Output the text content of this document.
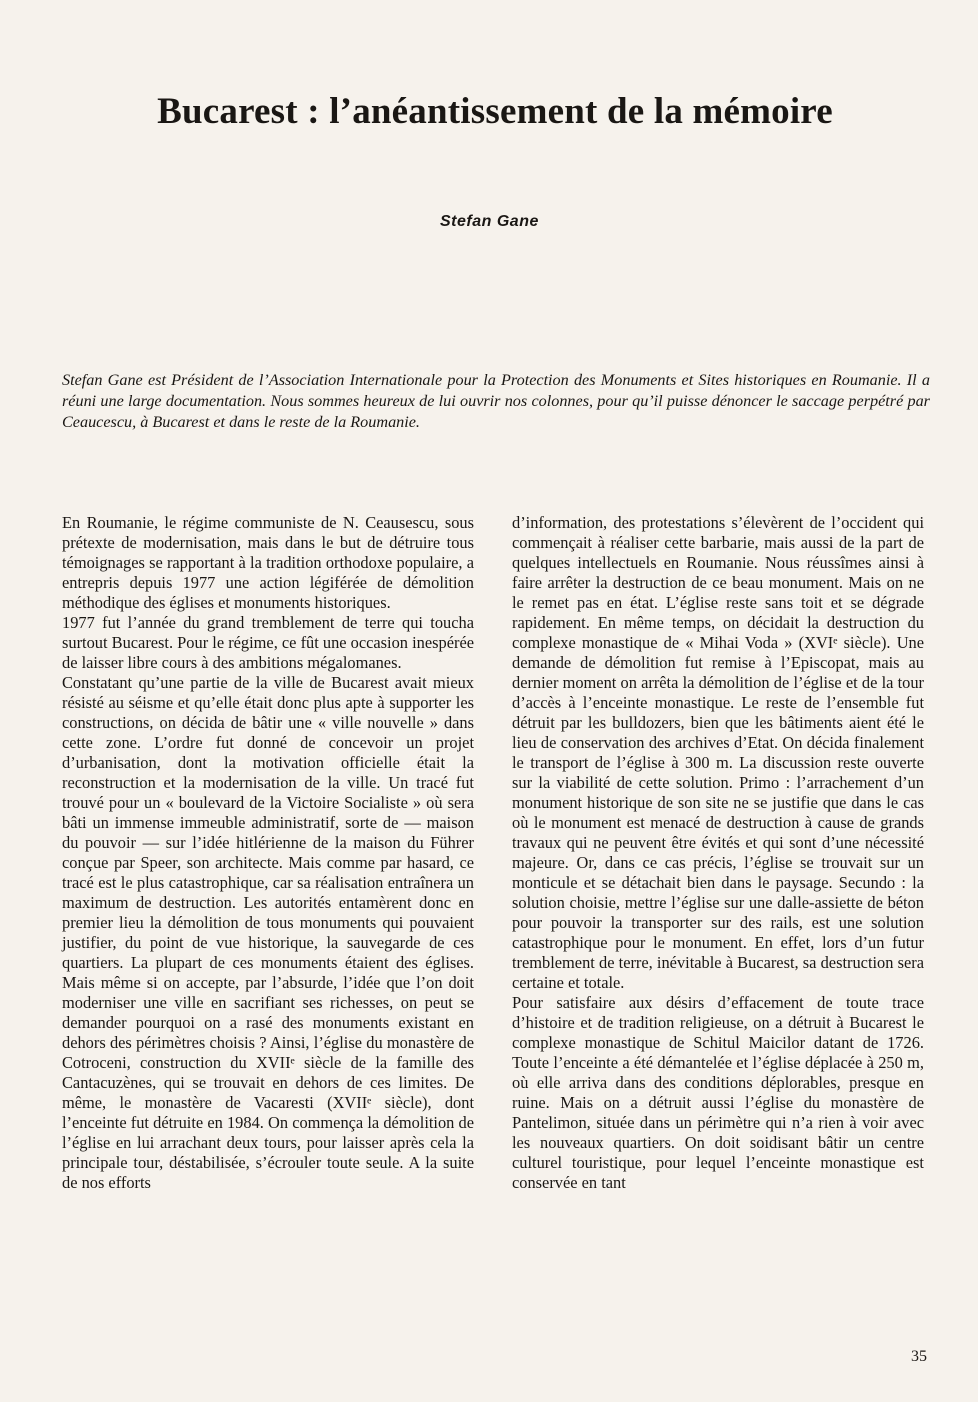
Bucarest : l’anéantissement de la mémoire
Stefan Gane

Stefan Gane est Président de l’Association Internationale pour la Protection des Monuments et Sites historiques en Roumanie. Il a réuni une large documentation. Nous sommes heureux de lui ouvrir nos colonnes, pour qu’il puisse dénoncer le saccage perpétré par Ceaucescu, à Bucarest et dans le reste de la Roumanie.

En Roumanie, le régime communiste de N. Ceausescu, sous prétexte de modernisation, mais dans le but de détruire tous témoignages se rapportant à la tradition orthodoxe populaire, a entrepris depuis 1977 une action légiférée de démolition méthodique des églises et monuments historiques.

1977 fut l’année du grand tremblement de terre qui toucha surtout Bucarest. Pour le régime, ce fût une occasion inespérée de laisser libre cours à des ambitions mégalomanes.

Constatant qu’une partie de la ville de Bucarest avait mieux résisté au séisme et qu’elle était donc plus apte à supporter les constructions, on décida de bâtir une « ville nouvelle » dans cette zone. L’ordre fut donné de concevoir un projet d’urbanisation, dont la motivation officielle était la reconstruction et la modernisation de la ville. Un tracé fut trouvé pour un « boulevard de la Victoire Socialiste » où sera bâti un immense immeuble administratif, sorte de — maison du pouvoir — sur l’idée hitlérienne de la maison du Führer conçue par Speer, son architecte. Mais comme par hasard, ce tracé est le plus catastrophique, car sa réalisation entraînera un maximum de destruction. Les autorités entamèrent donc en premier lieu la démolition de tous monuments qui pouvaient justifier, du point de vue historique, la sauvegarde de ces quartiers. La plupart de ces monuments étaient des églises. Mais même si on accepte, par l’absurde, l’idée que l’on doit moderniser une ville en sacrifiant ses richesses, on peut se demander pourquoi on a rasé des monuments existant en dehors des périmètres choisis ? Ainsi, l’église du monastère de Cotroceni, construction du XVIIᵉ siècle de la famille des Cantacuzènes, qui se trouvait en dehors de ces limites. De même, le monastère de Vacaresti (XVIIᵉ siècle), dont l’enceinte fut détruite en 1984. On commença la démolition de l’église en lui arrachant deux tours, pour laisser après cela la principale tour, déstabilisée, s’écrouler toute seule. A la suite de nos efforts

d’information, des protestations s’élevèrent de l’occident qui commençait à réaliser cette barbarie, mais aussi de la part de quelques intellectuels en Roumanie. Nous réussîmes ainsi à faire arrêter la destruction de ce beau monument. Mais on ne le remet pas en état. L’église reste sans toit et se dégrade rapidement. En même temps, on décidait la destruction du complexe monastique de « Mihai Voda » (XVIᵉ siècle). Une demande de démolition fut remise à l’Episcopat, mais au dernier moment on arrêta la démolition de l’église et de la tour d’accès à l’enceinte monastique. Le reste de l’ensemble fut détruit par les bulldozers, bien que les bâtiments aient été le lieu de conservation des archives d’Etat. On décida finalement le transport de l’église à 300 m. La discussion reste ouverte sur la viabilité de cette solution. Primo : l’arrachement d’un monument historique de son site ne se justifie que dans le cas où le monument est menacé de destruction à cause de grands travaux qui ne peuvent être évités et qui sont d’une nécessité majeure. Or, dans ce cas précis, l’église se trouvait sur un monticule et se détachait bien dans le paysage. Secundo : la solution choisie, mettre l’église sur une dalle-assiette de béton pour pouvoir la transporter sur des rails, est une solution catastrophique pour le monument. En effet, lors d’un futur tremblement de terre, inévitable à Bucarest, sa destruction sera certaine et totale.

Pour satisfaire aux désirs d’effacement de toute trace d’histoire et de tradition religieuse, on a détruit à Bucarest le complexe monastique de Schitul Maicilor datant de 1726. Toute l’enceinte a été démantelée et l’église déplacée à 250 m, où elle arriva dans des conditions déplorables, presque en ruine. Mais on a détruit aussi l’église du monastère de Pantelimon, située dans un périmètre qui n’a rien à voir avec les nouveaux quartiers. On doit soidisant bâtir un centre culturel touristique, pour lequel l’enceinte monastique est conservée en tant

35
